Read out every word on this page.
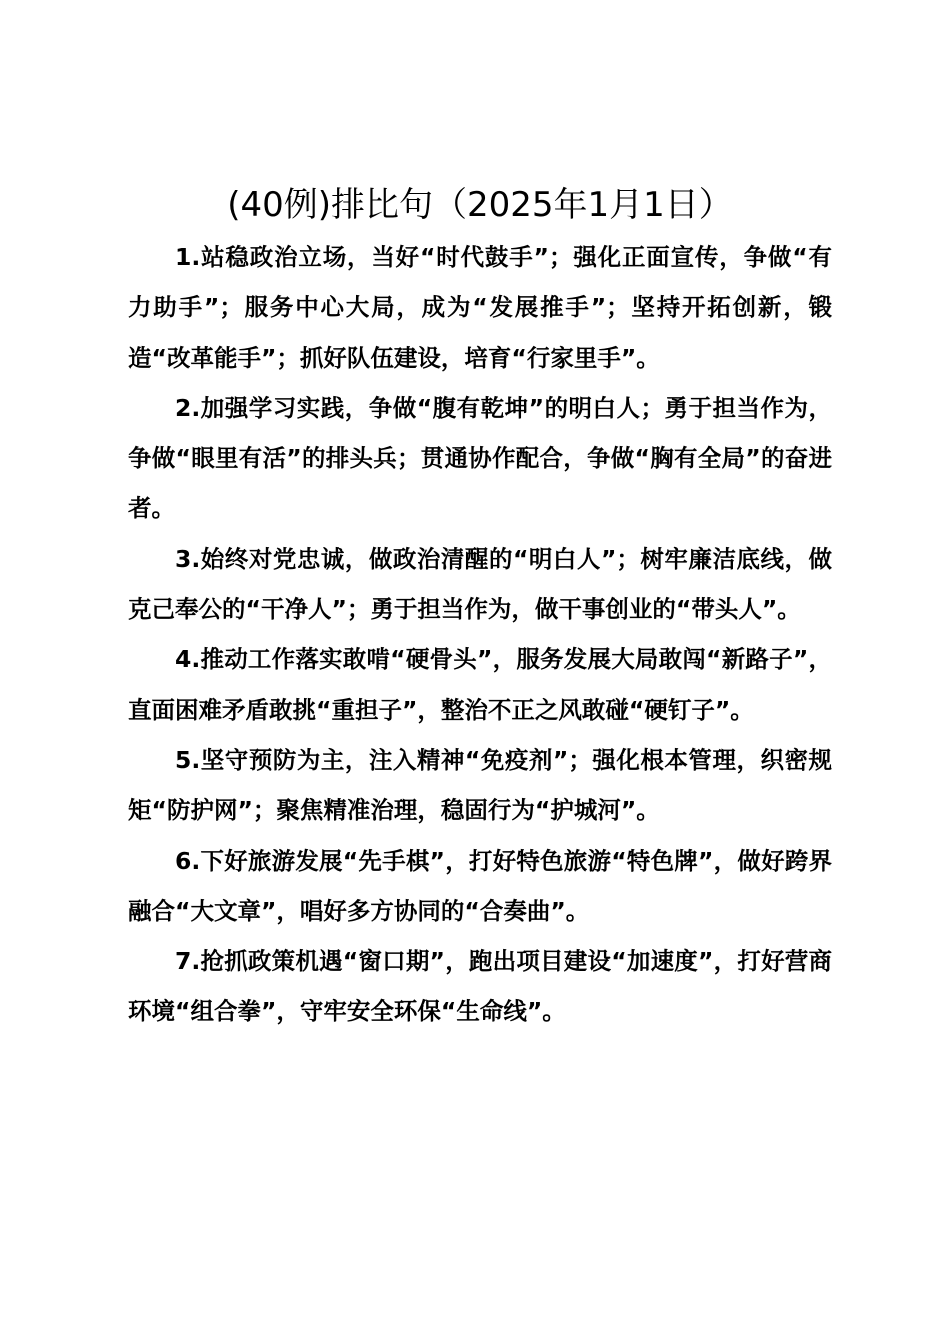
(40例)排比句（2025年1月1日）

1.站稳政治立场，当好“时代鼓手”；强化正面宣传，争做“有力助手”；服务中心大局，成为“发展推手”；坚持开拓创新，锻造“改革能手”；抓好队伍建设，培育“行家里手”。

2.加强学习实践，争做“腹有乾坤”的明白人；勇于担当作为，争做“眼里有活”的排头兵；贯通协作配合，争做“胸有全局”的奋进者。

3.始终对党忠诚，做政治清醒的“明白人”；树牢廉洁底线，做克己奉公的“干净人”；勇于担当作为，做干事创业的“带头人”。

4.推动工作落实敢啃“硬骨头”，服务发展大局敢闯“新路子”，直面困难矛盾敢挑“重担子”，整治不正之风敢碰“硬钉子”。

5.坚守预防为主，注入精神“免疫剂”；强化根本管理，织密规矩“防护网”；聚焦精准治理，稳固行为“护城河”。

6.下好旅游发展“先手棋”，打好特色旅游“特色牌”，做好跨界融合“大文章”，唱好多方协同的“合奏曲”。

7.抢抓政策机遇“窗口期”，跑出项目建设“加速度”，打好营商环境“组合拳”，守牢安全环保“生命线”。
